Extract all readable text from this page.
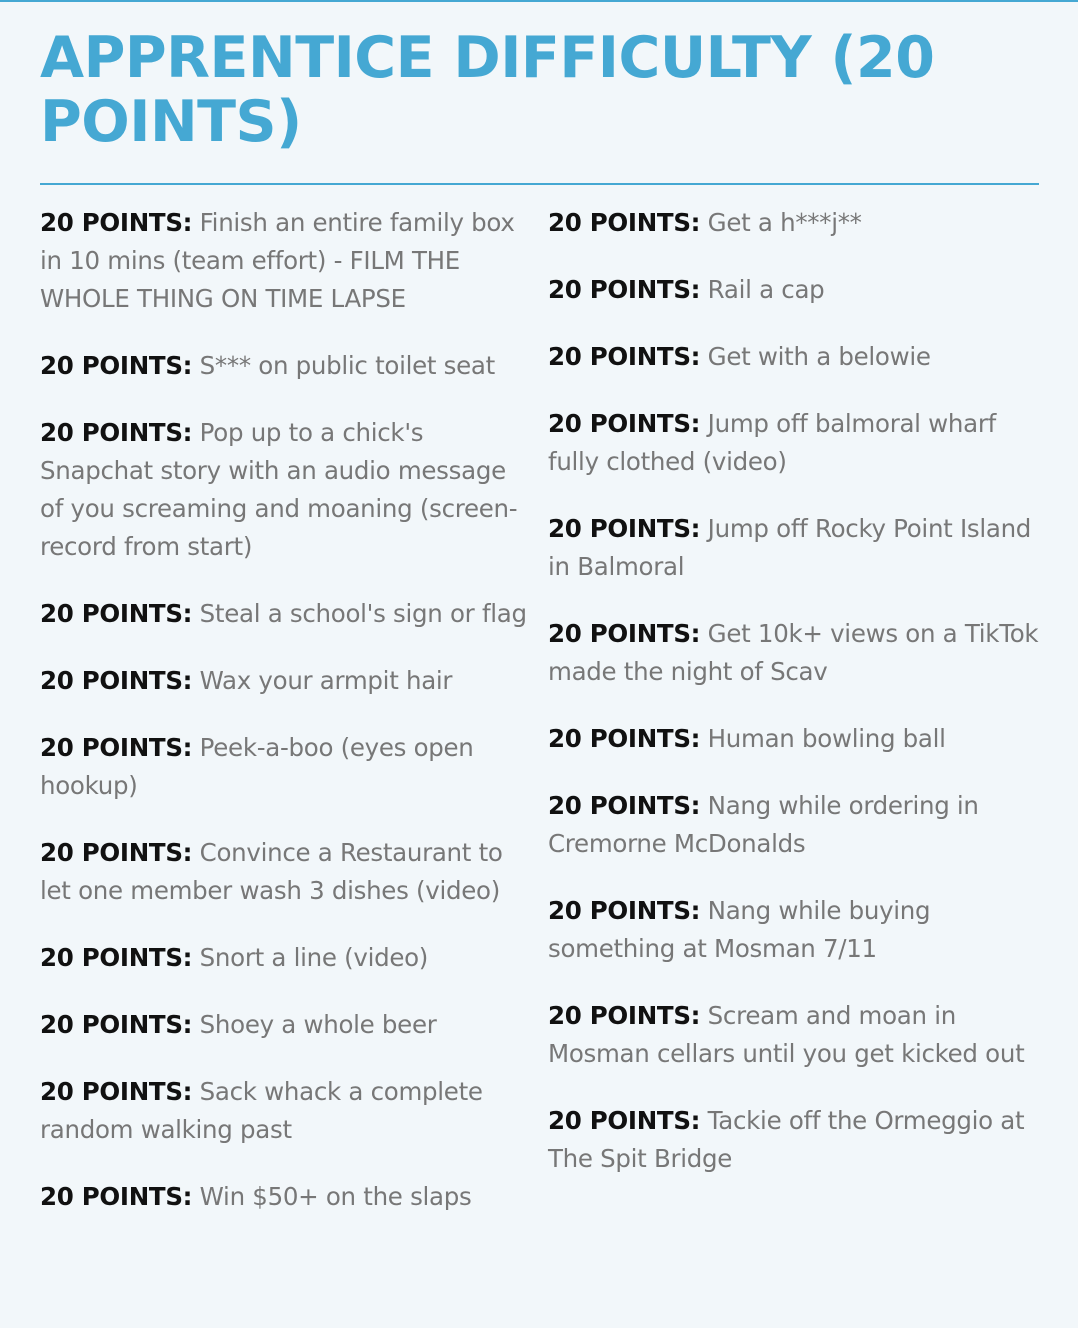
APPRENTICE DIFFICULTY (20 POINTS)

20 POINTS: Finish an entire family box in 10 mins (team effort) - FILM THE WHOLE THING ON TIME LAPSE

20 POINTS: S*** on public toilet seat

20 POINTS: Pop up to a chick's Snapchat story with an audio message of you screaming and moaning (screen-record from start)

20 POINTS: Steal a school's sign or flag

20 POINTS: Wax your armpit hair

20 POINTS: Peek-a-boo (eyes open hookup)

20 POINTS: Convince a Restaurant to let one member wash 3 dishes (video)

20 POINTS: Snort a line (video)

20 POINTS: Shoey a whole beer

20 POINTS: Sack whack a complete random walking past

20 POINTS: Win $50+ on the slaps

20 POINTS: Get a h***j**

20 POINTS: Rail a cap

20 POINTS: Get with a belowie

20 POINTS: Jump off balmoral wharf fully clothed (video)

20 POINTS: Jump off Rocky Point Island in Balmoral

20 POINTS: Get 10k+ views on a TikTok made the night of Scav

20 POINTS: Human bowling ball

20 POINTS: Nang while ordering in Cremorne McDonalds

20 POINTS: Nang while buying something at Mosman 7/11

20 POINTS: Scream and moan in Mosman cellars until you get kicked out

20 POINTS: Tackie off the Ormeggio at The Spit Bridge
